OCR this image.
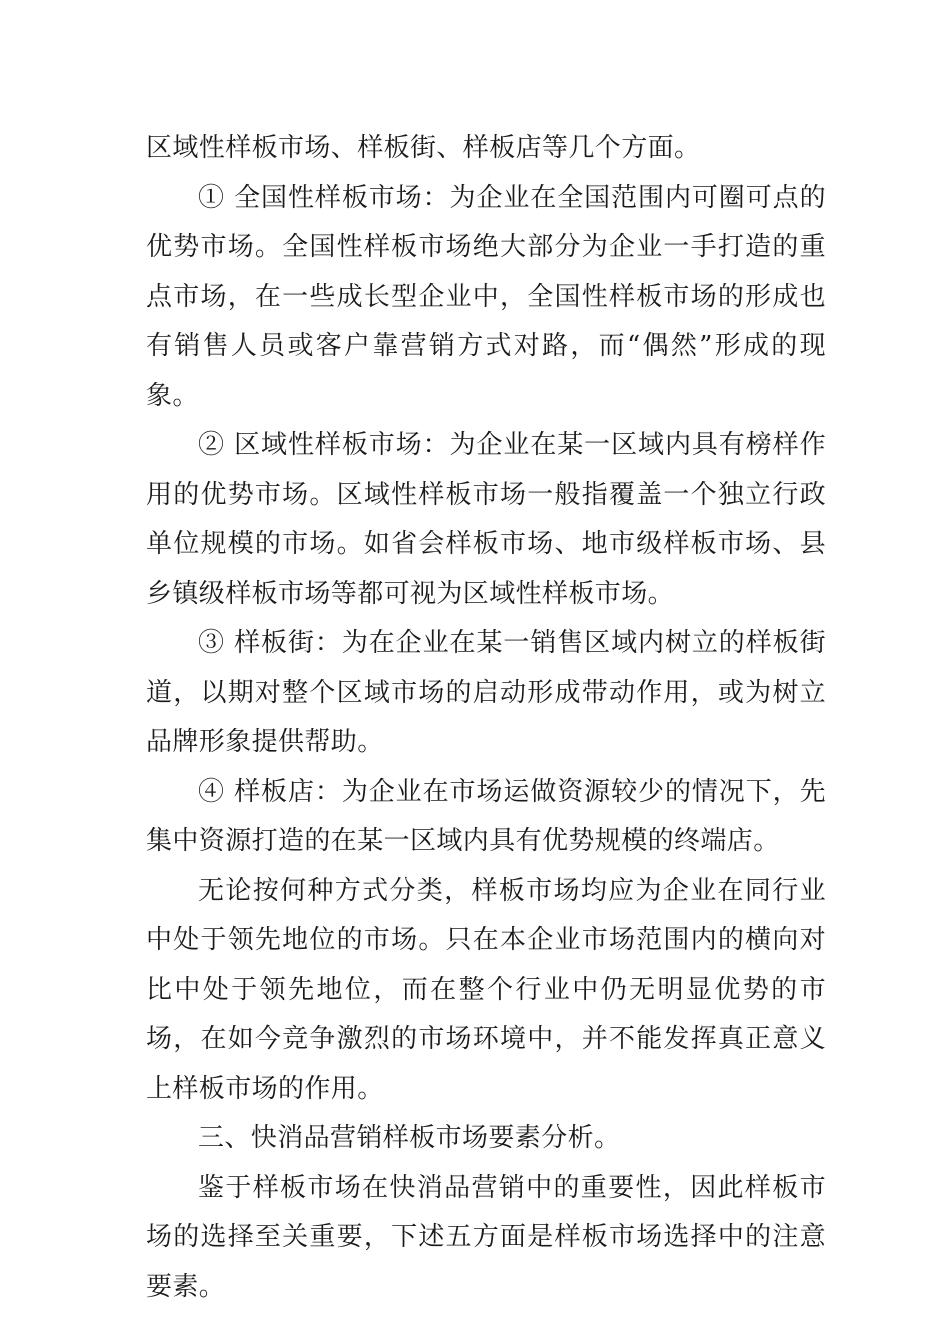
区域性样板市场、样板街、样板店等几个方面。

① 全国性样板市场：为企业在全国范围内可圈可点的优势市场。全国性样板市场绝大部分为企业一手打造的重点市场，在一些成长型企业中，全国性样板市场的形成也有销售人员或客户靠营销方式对路，而“偶然”形成的现象。

② 区域性样板市场：为企业在某一区域内具有榜样作用的优势市场。区域性样板市场一般指覆盖一个独立行政单位规模的市场。如省会样板市场、地市级样板市场、县乡镇级样板市场等都可视为区域性样板市场。

③ 样板街：为在企业在某一销售区域内树立的样板街道，以期对整个区域市场的启动形成带动作用，或为树立品牌形象提供帮助。

④ 样板店：为企业在市场运做资源较少的情况下，先集中资源打造的在某一区域内具有优势规模的终端店。

无论按何种方式分类，样板市场均应为企业在同行业中处于领先地位的市场。只在本企业市场范围内的横向对比中处于领先地位，而在整个行业中仍无明显优势的市场，在如今竞争激烈的市场环境中，并不能发挥真正意义上样板市场的作用。

三、快消品营销样板市场要素分析。

鉴于样板市场在快消品营销中的重要性，因此样板市场的选择至关重要，下述五方面是样板市场选择中的注意要素。
